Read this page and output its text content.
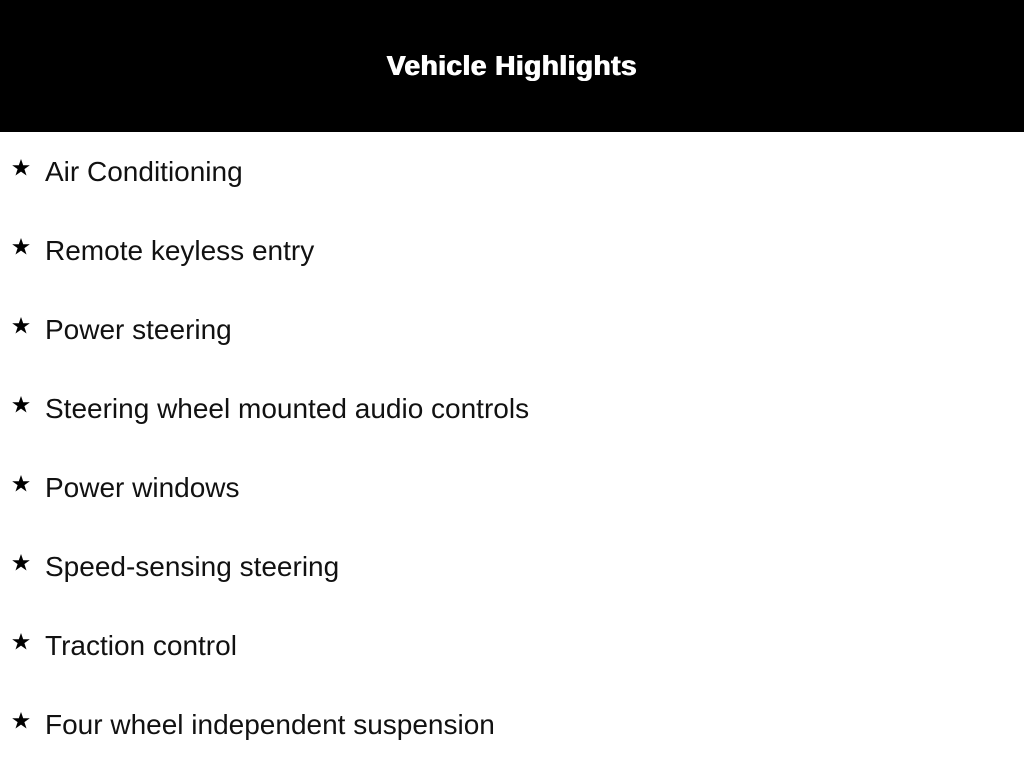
Vehicle Highlights
Air Conditioning
Remote keyless entry
Power steering
Steering wheel mounted audio controls
Power windows
Speed-sensing steering
Traction control
Four wheel independent suspension
